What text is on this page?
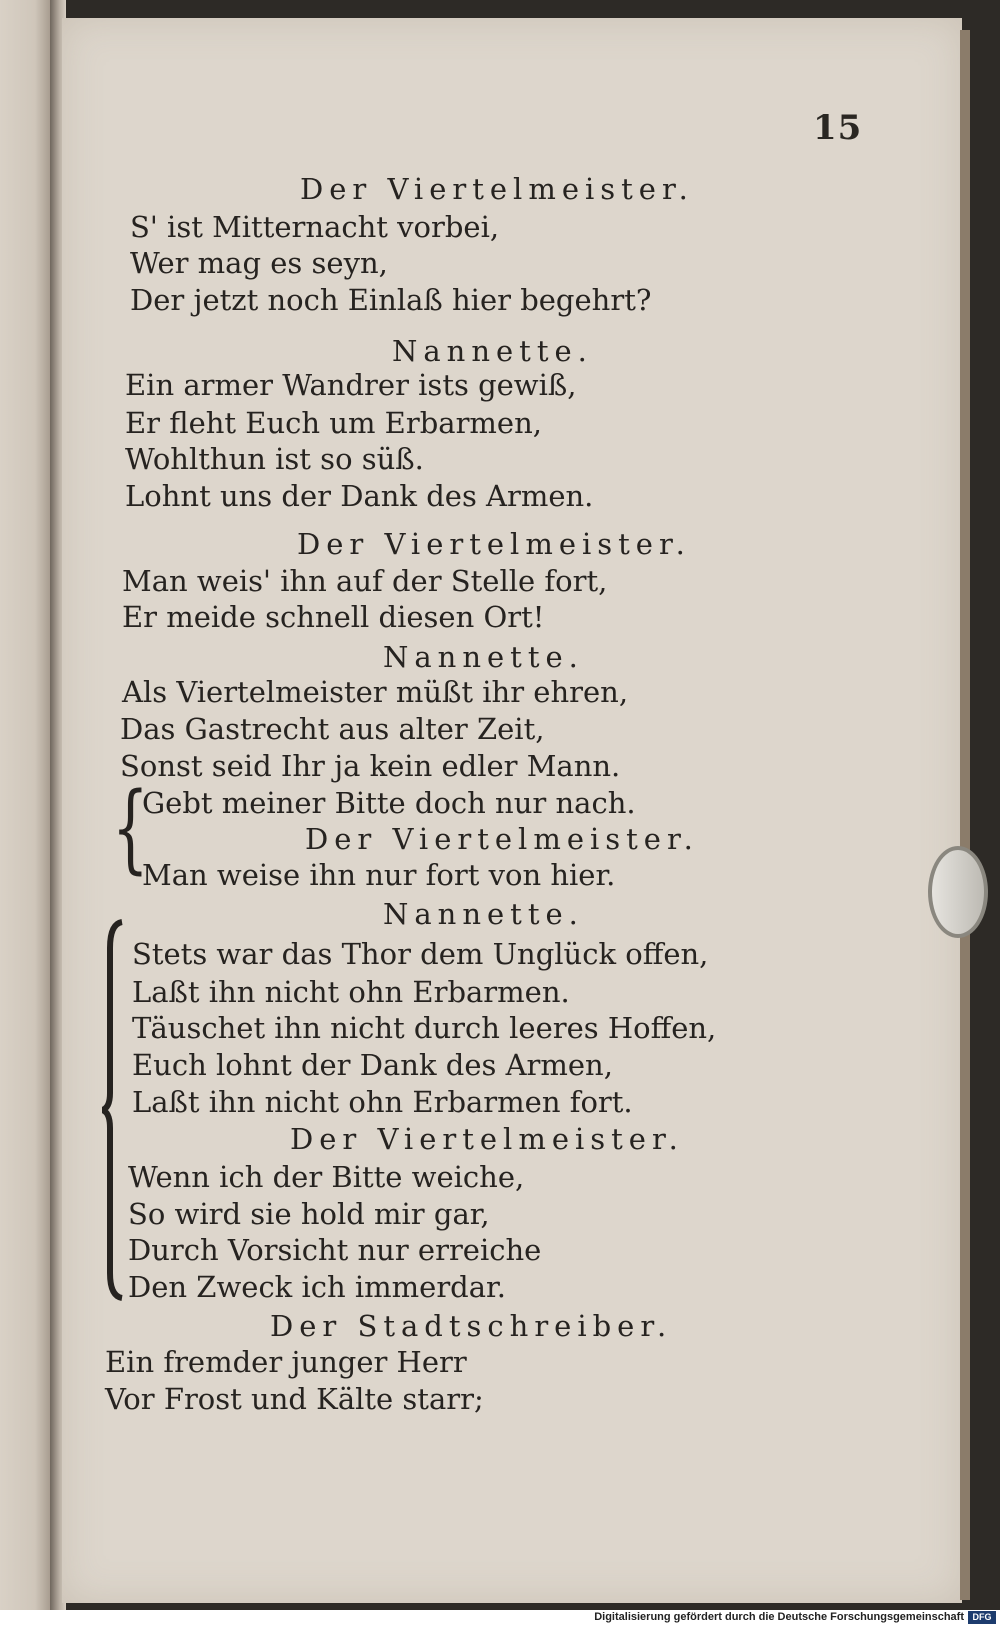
15
Der Viertelmeister.
S' ist Mitternacht vorbei,
Wer mag es seyn,
Der jetzt noch Einlaß hier begehrt?
Nannette.
Ein armer Wandrer ists gewiß,
Er fleht Euch um Erbarmen,
Wohlthun ist so süß.
Lohnt uns der Dank des Armen.
Der Viertelmeister.
Man weis' ihn auf der Stelle fort,
Er meide schnell diesen Ort!
Nannette.
Als Viertelmeister müßt ihr ehren,
Das Gastrecht aus alter Zeit,
Sonst seid Ihr ja kein edler Mann.
{
Gebt meiner Bitte doch nur nach.
Der Viertelmeister.
Man weise ihn nur fort von hier.
Nannette.
Stets war das Thor dem Unglück offen,
Laßt ihn nicht ohn Erbarmen.
Täuschet ihn nicht durch leeres Hoffen,
Euch lohnt der Dank des Armen,
Laßt ihn nicht ohn Erbarmen fort.
Der Viertelmeister.
Wenn ich der Bitte weiche,
So wird sie hold mir gar,
Durch Vorsicht nur erreiche
Den Zweck ich immerdar.
Der Stadtschreiber.
Ein fremder junger Herr
Vor Frost und Kälte starr;
Digitalisierung gefördert durch die Deutsche Forschungsgemeinschaft DFG
